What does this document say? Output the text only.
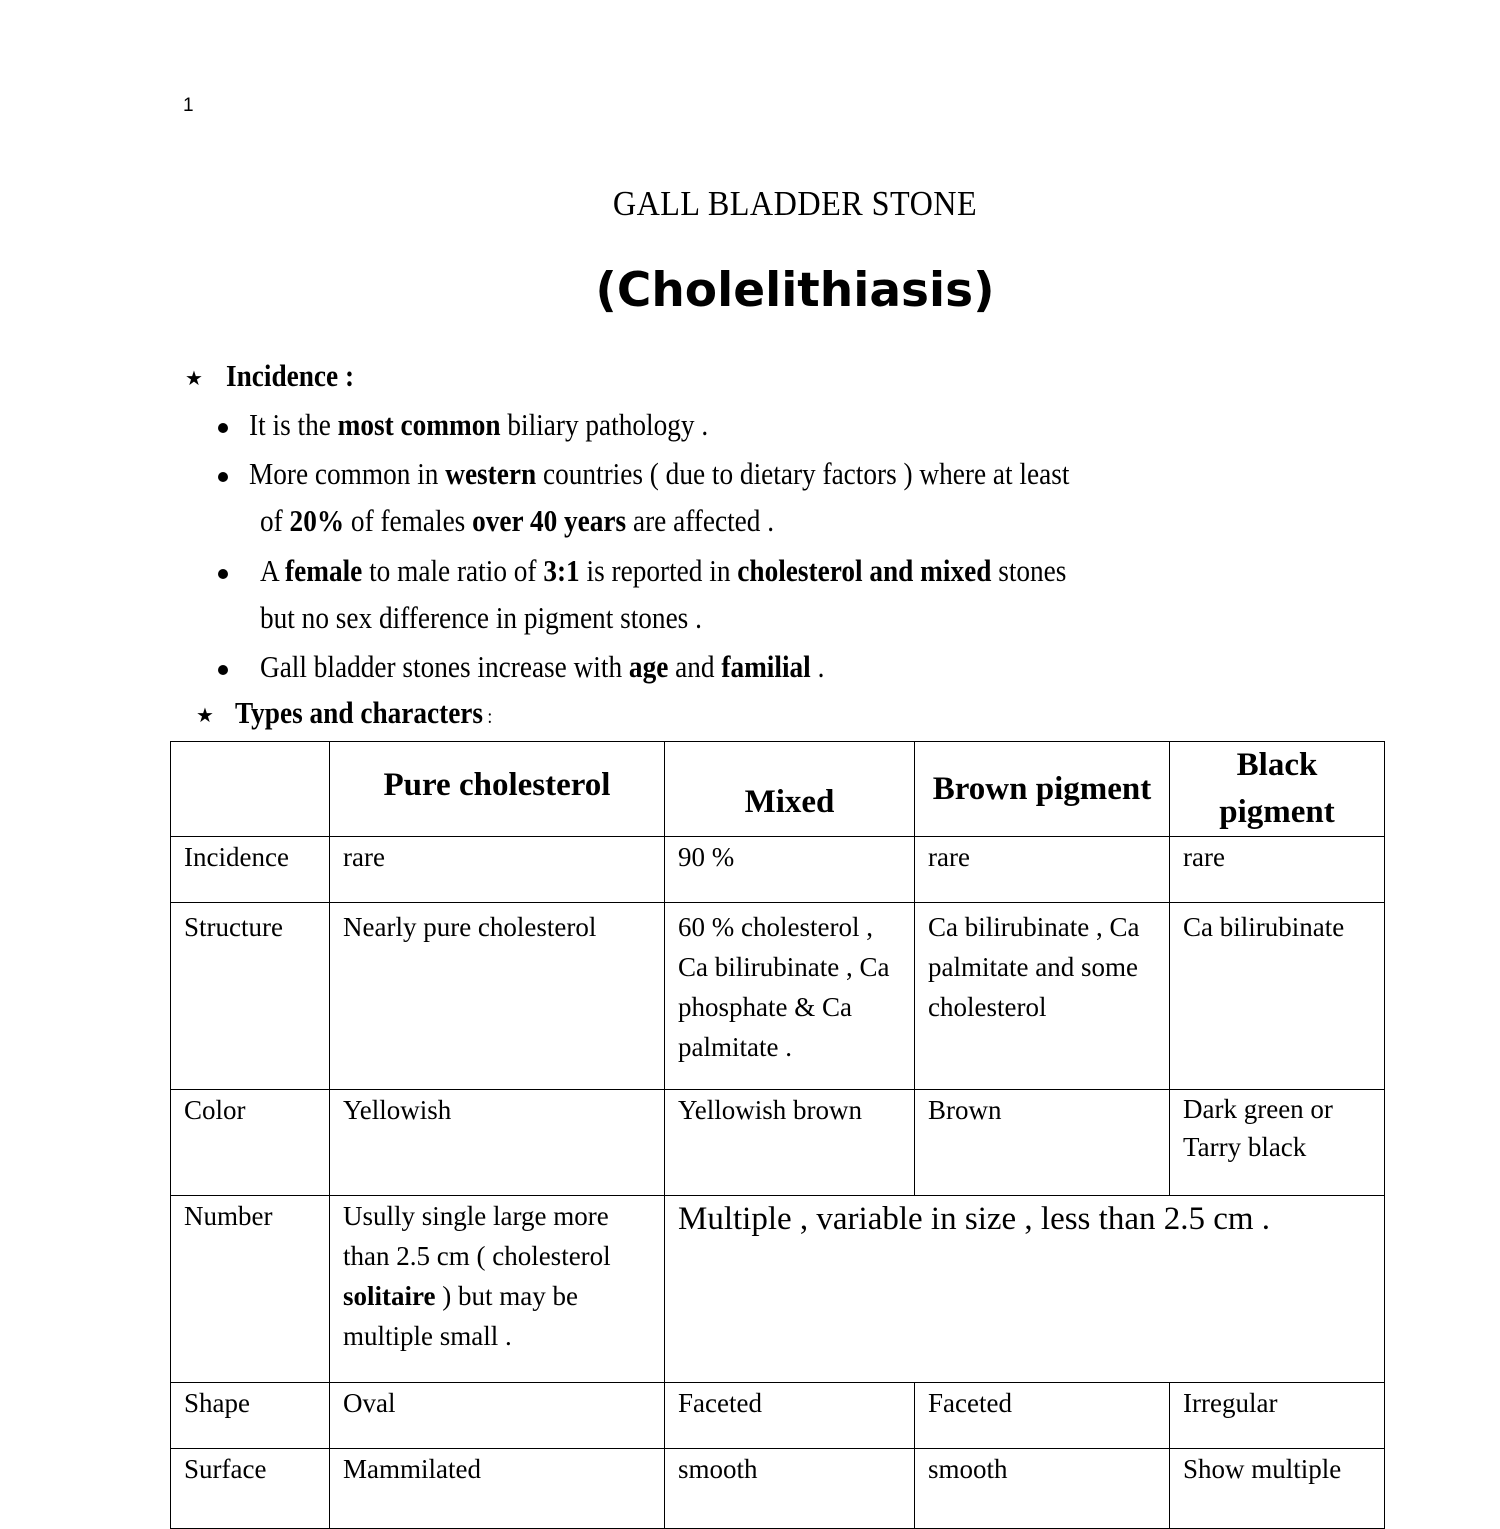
1
GALL BLADDER STONE
(Cholelithiasis)
★ Incidence :
It is the most common biliary pathology .
More common in western countries ( due to dietary factors ) where at least
of 20% of females over 40 years are affected .
A female to male ratio of 3:1 is reported in cholesterol and mixed stones
but no sex difference in pigment stones .
Gall bladder stones increase with age and familial .
★ Types and characters :
	Pure cholesterol	Mixed	Brown pigment	Black pigment
Incidence	rare	90 %	rare	rare
Structure	Nearly pure cholesterol	60 % cholesterol , Ca bilirubinate , Ca phosphate & Ca palmitate .	Ca bilirubinate , Ca palmitate and some cholesterol	Ca bilirubinate
Color	Yellowish	Yellowish brown	Brown	Dark green or Tarry black
Number	Usully single large more than 2.5 cm ( cholesterol solitaire ) but may be multiple small .	Multiple , variable in size , less than 2.5 cm .		
Shape	Oval	Faceted	Faceted	Irregular
Surface	Mammilated	smooth	smooth	Show multiple
